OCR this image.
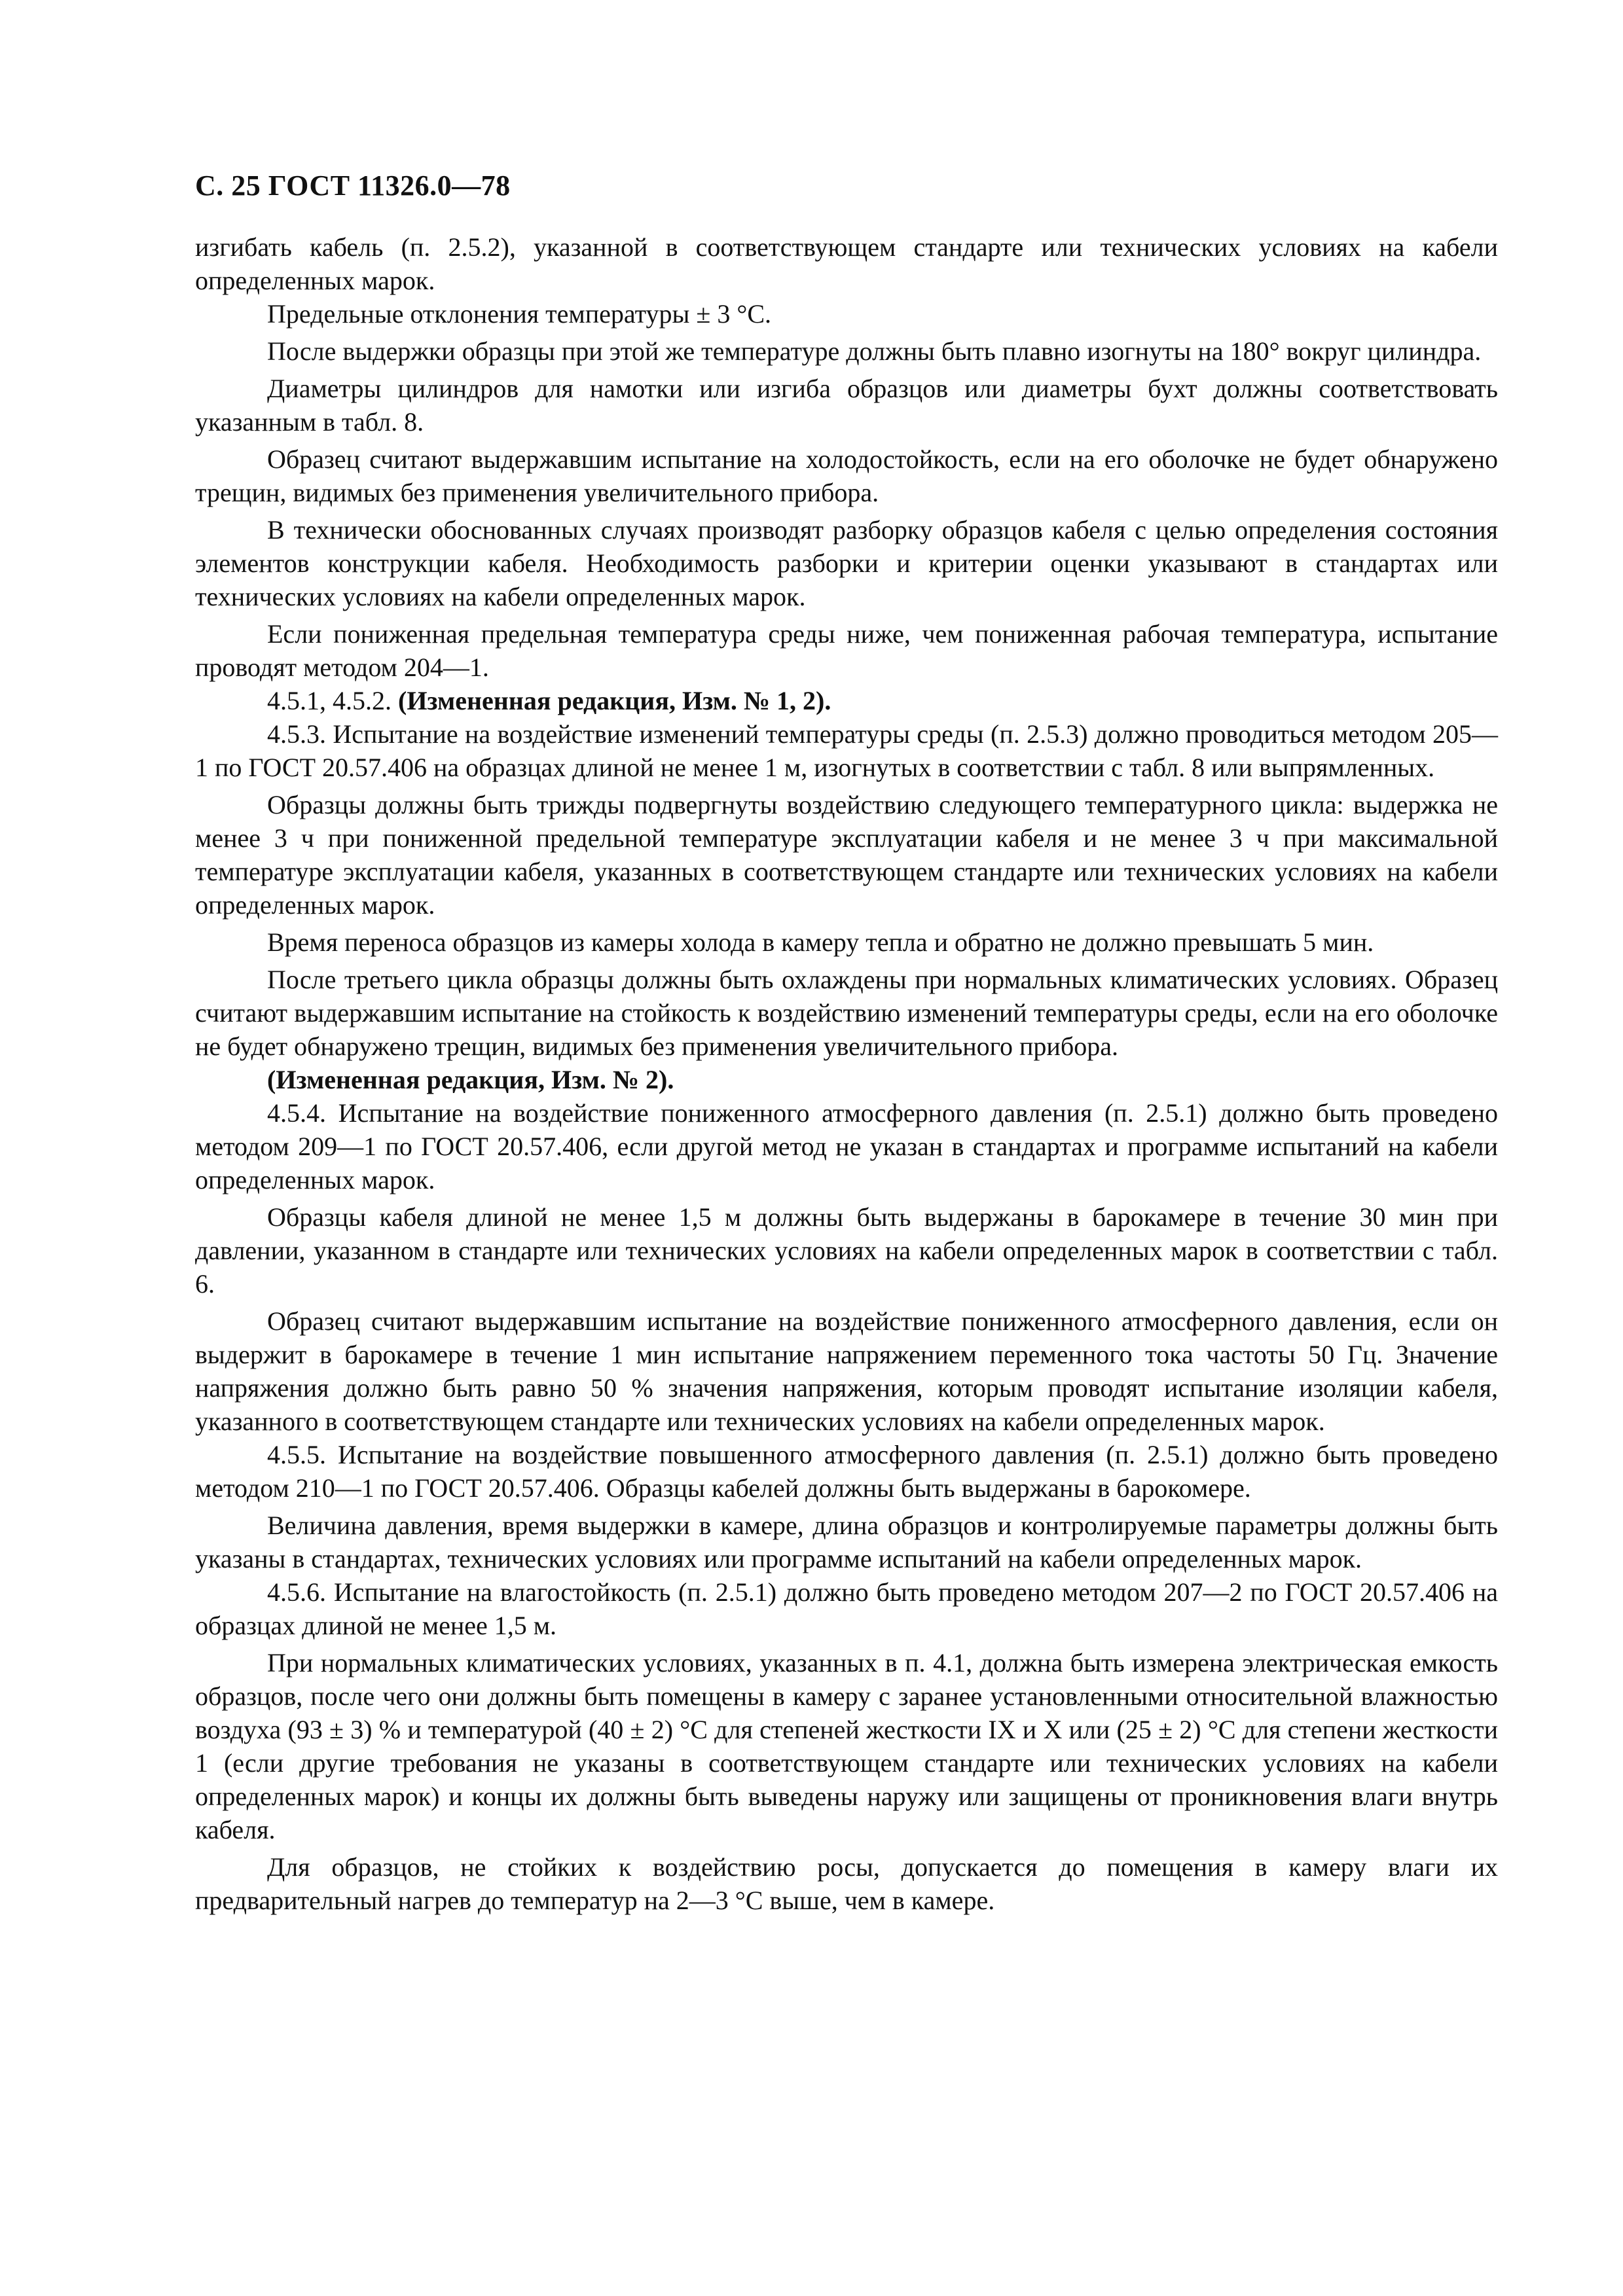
С. 25 ГОСТ 11326.0—78

изгибать кабель (п. 2.5.2), указанной в соответствующем стандарте или технических условиях на кабели определенных марок.

Предельные отклонения температуры ± 3 °С.

После выдержки образцы при этой же температуре должны быть плавно изогнуты на 180° вокруг цилиндра.

Диаметры цилиндров для намотки или изгиба образцов или диаметры бухт должны соответствовать указанным в табл. 8.

Образец считают выдержавшим испытание на холодостойкость, если на его оболочке не будет обнаружено трещин, видимых без применения увеличительного прибора.

В технически обоснованных случаях производят разборку образцов кабеля с целью определения состояния элементов конструкции кабеля. Необходимость разборки и критерии оценки указывают в стандартах или технических условиях на кабели определенных марок.

Если пониженная предельная температура среды ниже, чем пониженная рабочая температура, испытание проводят методом 204—1.

4.5.1, 4.5.2. (Измененная редакция, Изм. № 1, 2).

4.5.3. Испытание на воздействие изменений температуры среды (п. 2.5.3) должно проводиться методом 205—1 по ГОСТ 20.57.406 на образцах длиной не менее 1 м, изогнутых в соответствии с табл. 8 или выпрямленных.

Образцы должны быть трижды подвергнуты воздействию следующего температурного цикла: выдержка не менее 3 ч при пониженной предельной температуре эксплуатации кабеля и не менее 3 ч при максимальной температуре эксплуатации кабеля, указанных в соответствующем стандарте или технических условиях на кабели определенных марок.

Время переноса образцов из камеры холода в камеру тепла и обратно не должно превышать 5 мин.

После третьего цикла образцы должны быть охлаждены при нормальных климатических условиях. Образец считают выдержавшим испытание на стойкость к воздействию изменений температуры среды, если на его оболочке не будет обнаружено трещин, видимых без применения увеличительного прибора.

(Измененная редакция, Изм. № 2).

4.5.4. Испытание на воздействие пониженного атмосферного давления (п. 2.5.1) должно быть проведено методом 209—1 по ГОСТ 20.57.406, если другой метод не указан в стандартах и программе испытаний на кабели определенных марок.

Образцы кабеля длиной не менее 1,5 м должны быть выдержаны в барокамере в течение 30 мин при давлении, указанном в стандарте или технических условиях на кабели определенных марок в соответствии с табл. 6.

Образец считают выдержавшим испытание на воздействие пониженного атмосферного давления, если он выдержит в барокамере в течение 1 мин испытание напряжением переменного тока частоты 50 Гц. Значение напряжения должно быть равно 50 % значения напряжения, которым проводят испытание изоляции кабеля, указанного в соответствующем стандарте или технических условиях на кабели определенных марок.

4.5.5. Испытание на воздействие повышенного атмосферного давления (п. 2.5.1) должно быть проведено методом 210—1 по ГОСТ 20.57.406. Образцы кабелей должны быть выдержаны в барокомере.

Величина давления, время выдержки в камере, длина образцов и контролируемые параметры должны быть указаны в стандартах, технических условиях или программе испытаний на кабели определенных марок.

4.5.6. Испытание на влагостойкость (п. 2.5.1) должно быть проведено методом 207—2 по ГОСТ 20.57.406 на образцах длиной не менее 1,5 м.

При нормальных климатических условиях, указанных в п. 4.1, должна быть измерена электрическая емкость образцов, после чего они должны быть помещены в камеру с заранее установленными относительной влажностью воздуха (93 ± 3) % и температурой (40 ± 2) °С для степеней жесткости IX и X или (25 ± 2) °С для степени жесткости 1 (если другие требования не указаны в соответствующем стандарте или технических условиях на кабели определенных марок) и концы их должны быть выведены наружу или защищены от проникновения влаги внутрь кабеля.

Для образцов, не стойких к воздействию росы, допускается до помещения в камеру влаги их предварительный нагрев до температур на 2—3 °С выше, чем в камере.
